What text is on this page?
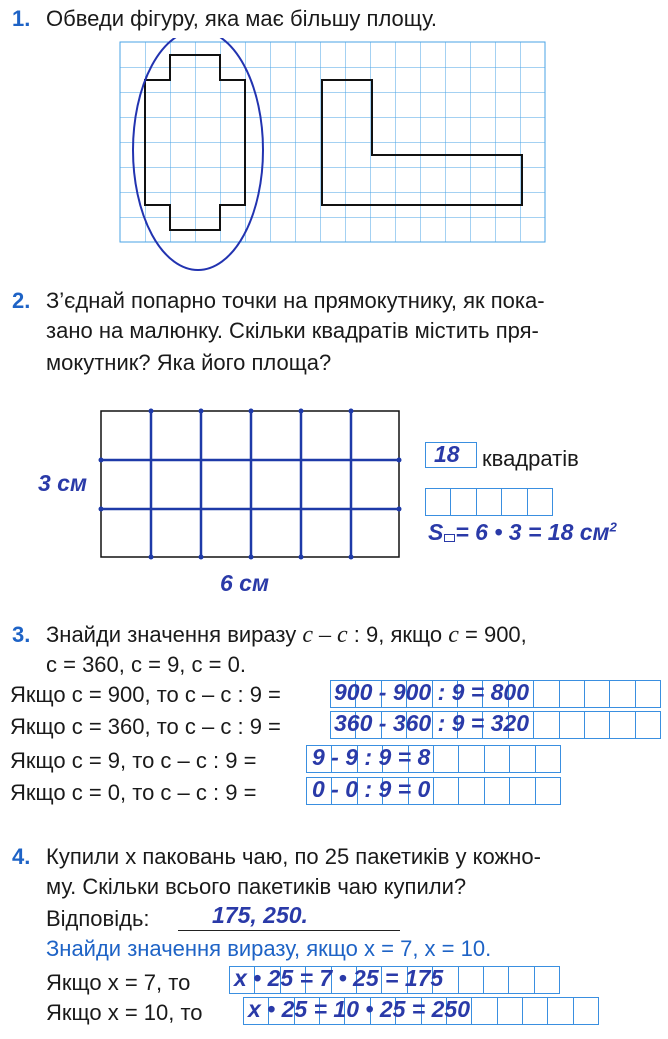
1. Обведи фігуру, яка має більшу площу.
2. З’єднай попарно точки на прямокутнику, як пока-
зано на малюнку. Скільки квадратів містить пря-
мокутник? Яка його площа?
3 см
6 см
18 квадратів
S = 6 • 3 = 18 $см^2$
3. Знайди значення виразу c – c : 9, якщо c = 900,
c = 360, c = 9, c = 0.
Якщо c = 900, то c – c : 9 = 900 - 900 : 9 = 800
Якщо c = 360, то c – c : 9 = 360 - 360 : 9 = 320
Якщо c = 9, то c – c : 9 = 9 - 9 : 9 = 8
Якщо c = 0, то c – c : 9 = 0 - 0 : 9 = 0
4. Купили x паковань чаю, по 25 пакетиків у кожно-
му. Скільки всього пакетиків чаю купили?
Відповідь:	175, 250.
Знайди значення виразу, якщо x = 7, x = 10.
Якщо x = 7, то x • 25 = 7 • 25 = 175
Якщо x = 10, то x • 25 = 10 • 25 = 250
